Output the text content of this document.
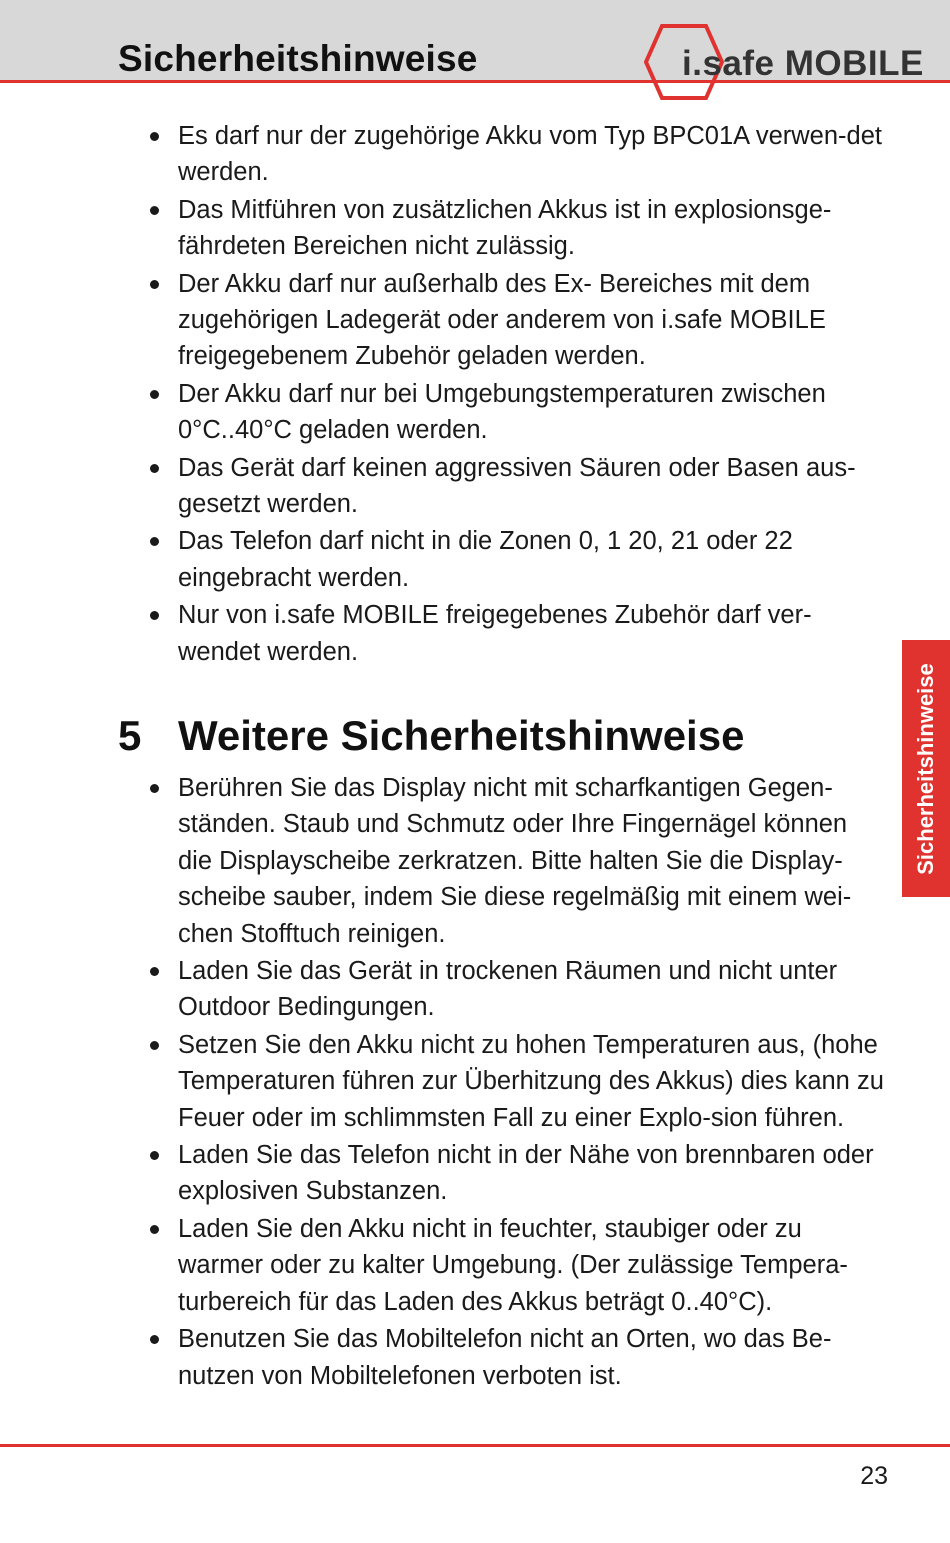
Sicherheitshinweise	i.safe MOBILE
Es darf nur der zugehörige Akku vom Typ BPC01A verwen-det werden.
Das Mitführen von zusätzlichen Akkus ist in explosionsge-fährdeten Bereichen nicht zulässig.
Der Akku darf nur außerhalb des Ex- Bereiches mit dem zugehörigen Ladegerät oder anderem von i.safe MOBILE freigegebenem Zubehör geladen werden.
Der Akku darf nur bei Umgebungstemperaturen zwischen 0°C..40°C geladen werden.
Das Gerät darf keinen aggressiven Säuren oder Basen aus-gesetzt werden.
Das Telefon darf nicht in die Zonen 0, 1 20, 21 oder 22 eingebracht werden.
Nur von i.safe MOBILE freigegebenes Zubehör darf ver-wendet werden.
5 Weitere Sicherheitshinweise
Berühren Sie das Display nicht mit scharfkantigen Gegen-ständen. Staub und Schmutz oder Ihre Fingernägel können die Displayscheibe zerkratzen. Bitte halten Sie die Display-scheibe sauber, indem Sie diese regelmäßig mit einem wei-chen Stofftuch reinigen.
Laden Sie das Gerät in trockenen Räumen und nicht unter Outdoor Bedingungen.
Setzen Sie den Akku nicht zu hohen Temperaturen aus, (hohe Temperaturen führen zur Überhitzung des Akkus) dies kann zu Feuer oder im schlimmsten Fall zu einer Explo-sion führen.
Laden Sie das Telefon nicht in der Nähe von brennbaren oder explosiven Substanzen.
Laden Sie den Akku nicht in feuchter, staubiger oder zu warmer oder zu kalter Umgebung. (Der zulässige Tempera-turbereich für das Laden des Akkus beträgt 0..40°C).
Benutzen Sie das Mobiltelefon nicht an Orten, wo das Be-nutzen von Mobiltelefonen verboten ist.
Sicherheitshinweise
23
